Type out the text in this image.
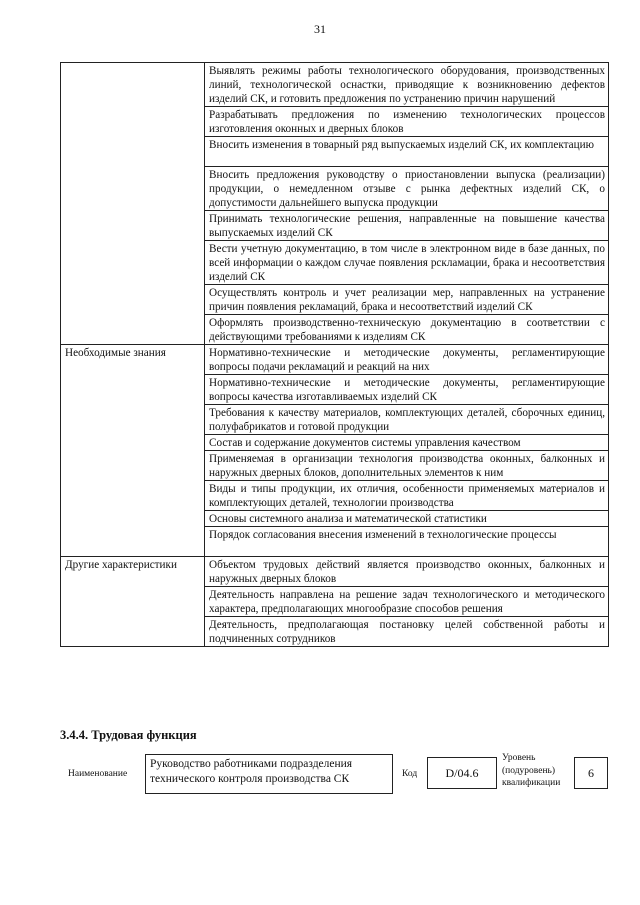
31
	Выявлять режимы работы технологического оборудования, производственных линий, технологической оснастки, приводящие к возникновению дефектов изделий СК, и готовить предложения по устранению причин нарушений
	Разрабатывать предложения по изменению технологических процессов изготовления оконных и дверных блоков
	Вносить изменения в товарный ряд выпускаемых изделий СК, их комплектацию
	Вносить предложения руководству о приостановлении выпуска (реализации) продукции, о немедленном отзыве с рынка дефектных изделий СК, о допустимости дальнейшего выпуска продукции
	Принимать технологические решения, направленные на повышение качества выпускаемых изделий СК
	Вести учетную документацию, в том числе в электронном виде в базе данных, по всей информации о каждом случае появления рскламации, брака и несоответствия изделий СК
	Осуществлять контроль и учет реализации мер, направленных на устранение причин появления рекламаций, брака и несоответствий изделий СК
	Оформлять производственно-техническую документацию в соответствии с действующими требованиями к изделиям СК
Необходимые знания	Нормативно-технические и методические документы, регламентирующие вопросы подачи рекламаций и реакций на них
	Нормативно-технические и методические документы, регламентирующие вопросы качества изготавливаемых изделий СК
	Требования к качеству материалов, комплектующих деталей, сборочных единиц, полуфабрикатов и готовой продукции
	Состав и содержание документов системы управления качеством
	Применяемая в организации технология производства оконных, балконных и наружных дверных блоков, дополнительных элементов к ним
	Виды и типы продукции, их отличия, особенности применяемых материалов и комплектующих деталей, технологии производства
	Основы системного анализа и математической статистики
	Порядок согласования внесения изменений в технологические процессы
Другие характеристики	Объектом трудовых действий является производство оконных, балконных и наружных дверных блоков
	Деятельность направлена на решение задач технологического и методического характера, предполагающих многообразие способов решения
	Деятельность, предполагающая постановку целей собственной работы и подчиненных сотрудников
3.4.4. Трудовая функция
Наименование
Руководство работниками подразделения технического контроля производства СК	Код	D/04.6
Уровень (подуровень) квалификации
6
